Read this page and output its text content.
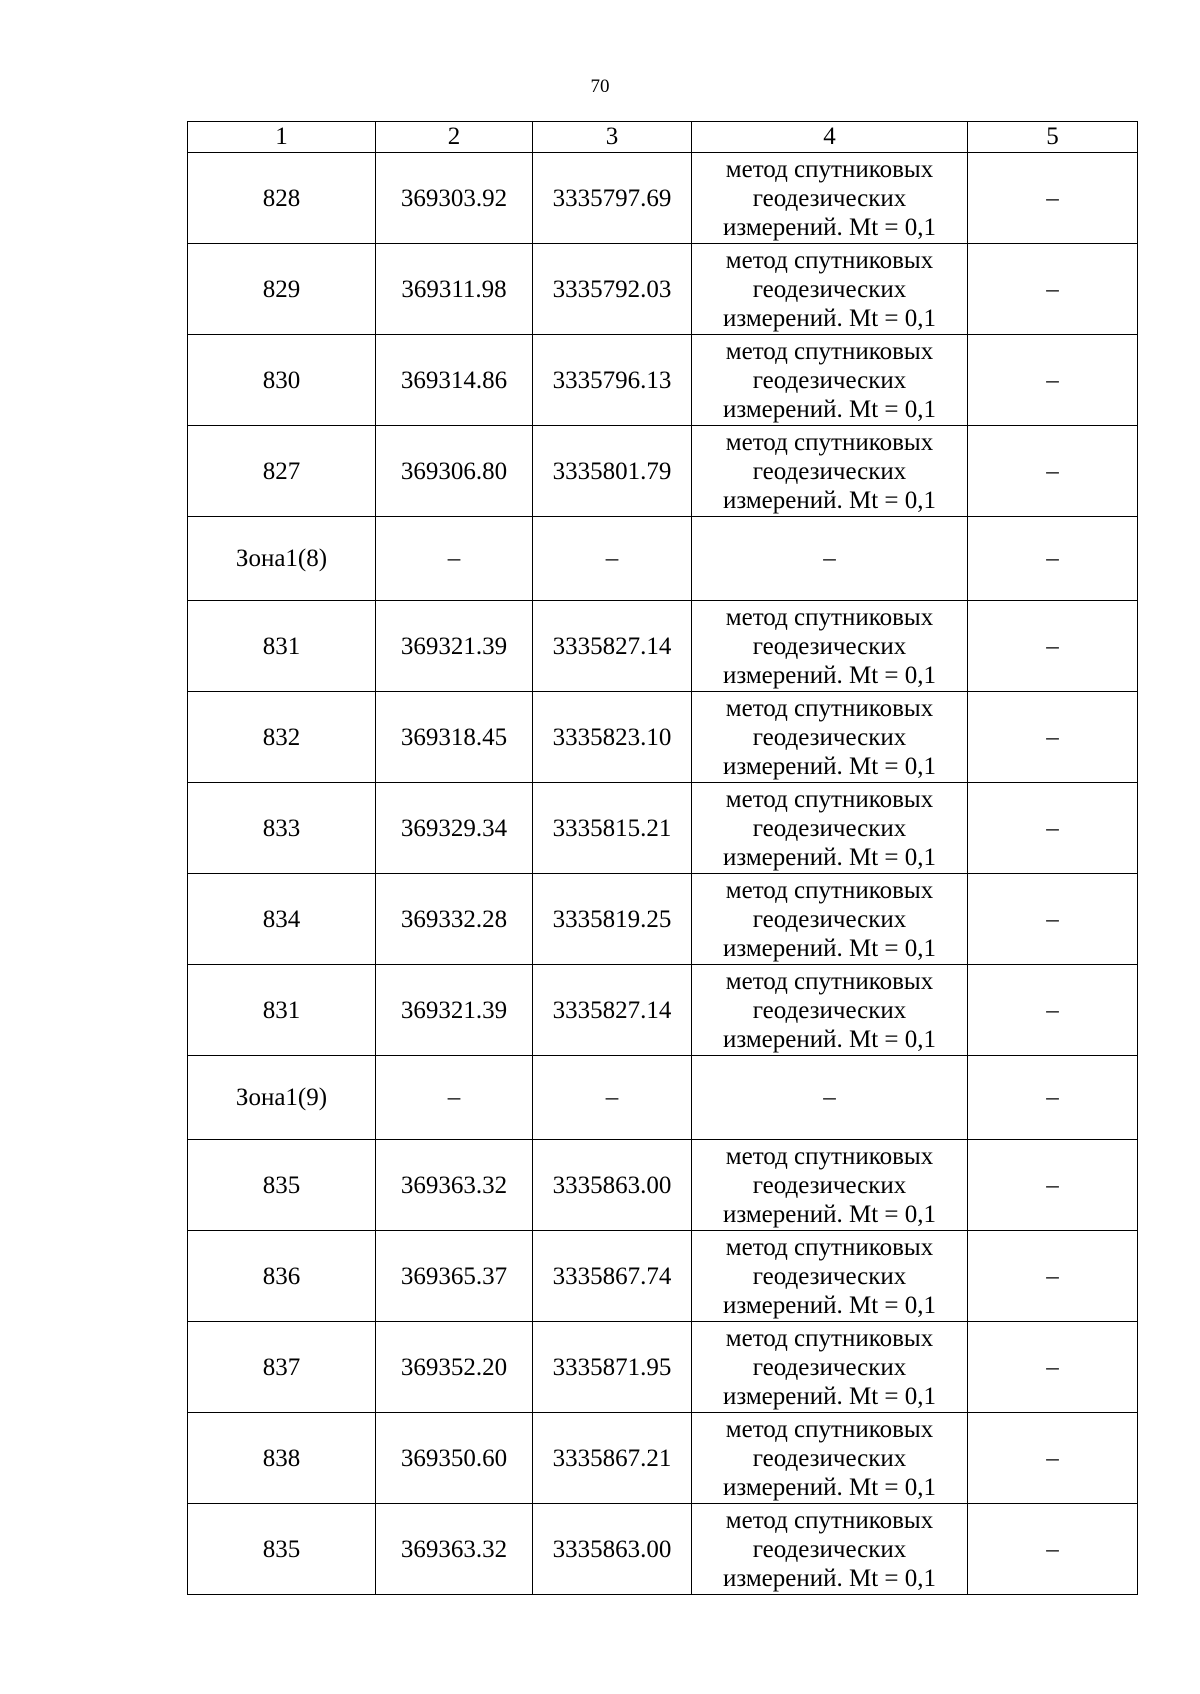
70
1	2	3	4	5
828	369303.92	3335797.69	метод спутниковых
геодезических
измерений. Mt = 0,1	–
829	369311.98	3335792.03	метод спутниковых
геодезических
измерений. Mt = 0,1	–
830	369314.86	3335796.13	метод спутниковых
геодезических
измерений. Mt = 0,1	–
827	369306.80	3335801.79	метод спутниковых
геодезических
измерений. Mt = 0,1	–
Зона1(8)	–	–	–	–
831	369321.39	3335827.14	метод спутниковых
геодезических
измерений. Mt = 0,1	–
832	369318.45	3335823.10	метод спутниковых
геодезических
измерений. Mt = 0,1	–
833	369329.34	3335815.21	метод спутниковых
геодезических
измерений. Mt = 0,1	–
834	369332.28	3335819.25	метод спутниковых
геодезических
измерений. Mt = 0,1	–
831	369321.39	3335827.14	метод спутниковых
геодезических
измерений. Mt = 0,1	–
Зона1(9)	–	–	–	–
835	369363.32	3335863.00	метод спутниковых
геодезических
измерений. Mt = 0,1	–
836	369365.37	3335867.74	метод спутниковых
геодезических
измерений. Mt = 0,1	–
837	369352.20	3335871.95	метод спутниковых
геодезических
измерений. Mt = 0,1	–
838	369350.60	3335867.21	метод спутниковых
геодезических
измерений. Mt = 0,1	–
835	369363.32	3335863.00	метод спутниковых
геодезических
измерений. Mt = 0,1	–
